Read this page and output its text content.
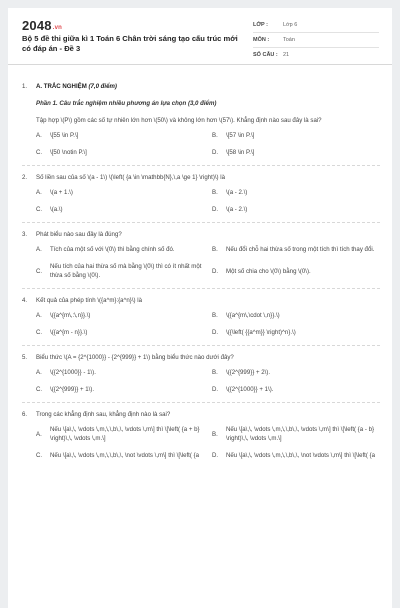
2048.vn
Bộ 5 đề thi giữa kì 1 Toán 6 Chân trời sáng tạo cấu trúc mới có đáp án - Đề 3
LỚP :	Lớp 6
MÔN :	Toán
SỐ CÂU : 21
1.	A. TRẮC NGHIỆM (7,0 điểm)
Phần 1. Câu trắc nghiệm nhiều phương án lựa chọn (3,0 điểm)
Tập hợp \(P\) gồm các số tự nhiên lớn hơn \(50\) và không lớn hơn \(57\). Khẳng định nào sau đây là sai?
A.	\[55 \in P.\]	B.	\[57 \in P.\]
C.	\[50 \notin P.\]	D.	\[58 \in P.\]
2.	Số liền sau của số \(a - 1\) \(\left( {a \in \mathbb{N},\,a \ge 1} \right)\) là
A.	\(a + 1.\)	B.	\(a - 2.\)
C.	\(a.\)	D.	\(a - 2.\)
3.	Phát biểu nào sau đây là đúng?
A.	Tích của một số với \(0\) thì bằng chính số đó.	B.	Nếu đổi chỗ hai thừa số trong một tích thì tích thay đổi.
C.
Nếu tích của hai thừa số mà bằng \(0\) thì có ít nhất một thừa số bằng \(0\).
D.	Một số chia cho \(0\) bằng \(0\).
4.	Kết quả của phép tính \({a^m}:{a^n}\) là
A.	\({a^{m\,:\,n}}.\)	B.	\({a^{m\,\cdot \,n}}.\)
C.	\({a^{m - n}}.\)	D.	\({\left( {{a^m}} \right)^n}.\)
5.	Biểu thức \(A = {2^{1000}} - {2^{999}} + 1\) bằng biểu thức nào dưới đây?
A.	\({2^{1000}} - 1\).	B.	\({2^{999}} + 2\).
C.	\({2^{999}} + 1\).	D.	\({2^{1000}} + 1\).
6.	Trong các khẳng định sau, khẳng định nào là sai?
A.
Nếu \[a\,\, \vdots \,m,\,\,b\,\, \vdots \,m\] thì \[\left( {a + b} \right)\,\, \vdots \,m.\]
B.
Nếu \[a\,\, \vdots \,m,\,\,b\,\, \vdots \,m\] thì \[\left( {a - b} \right)\,\, \vdots \,m.\]
C.	Nếu \[a\,\, \vdots \,m,\,\,b\,\, \not \vdots \,m\] thì \[\left( {a D.	Nếu \[a\,\, \vdots \,m,\,\,b\,\, \not \vdots \,m\] thì \[\left( {a
